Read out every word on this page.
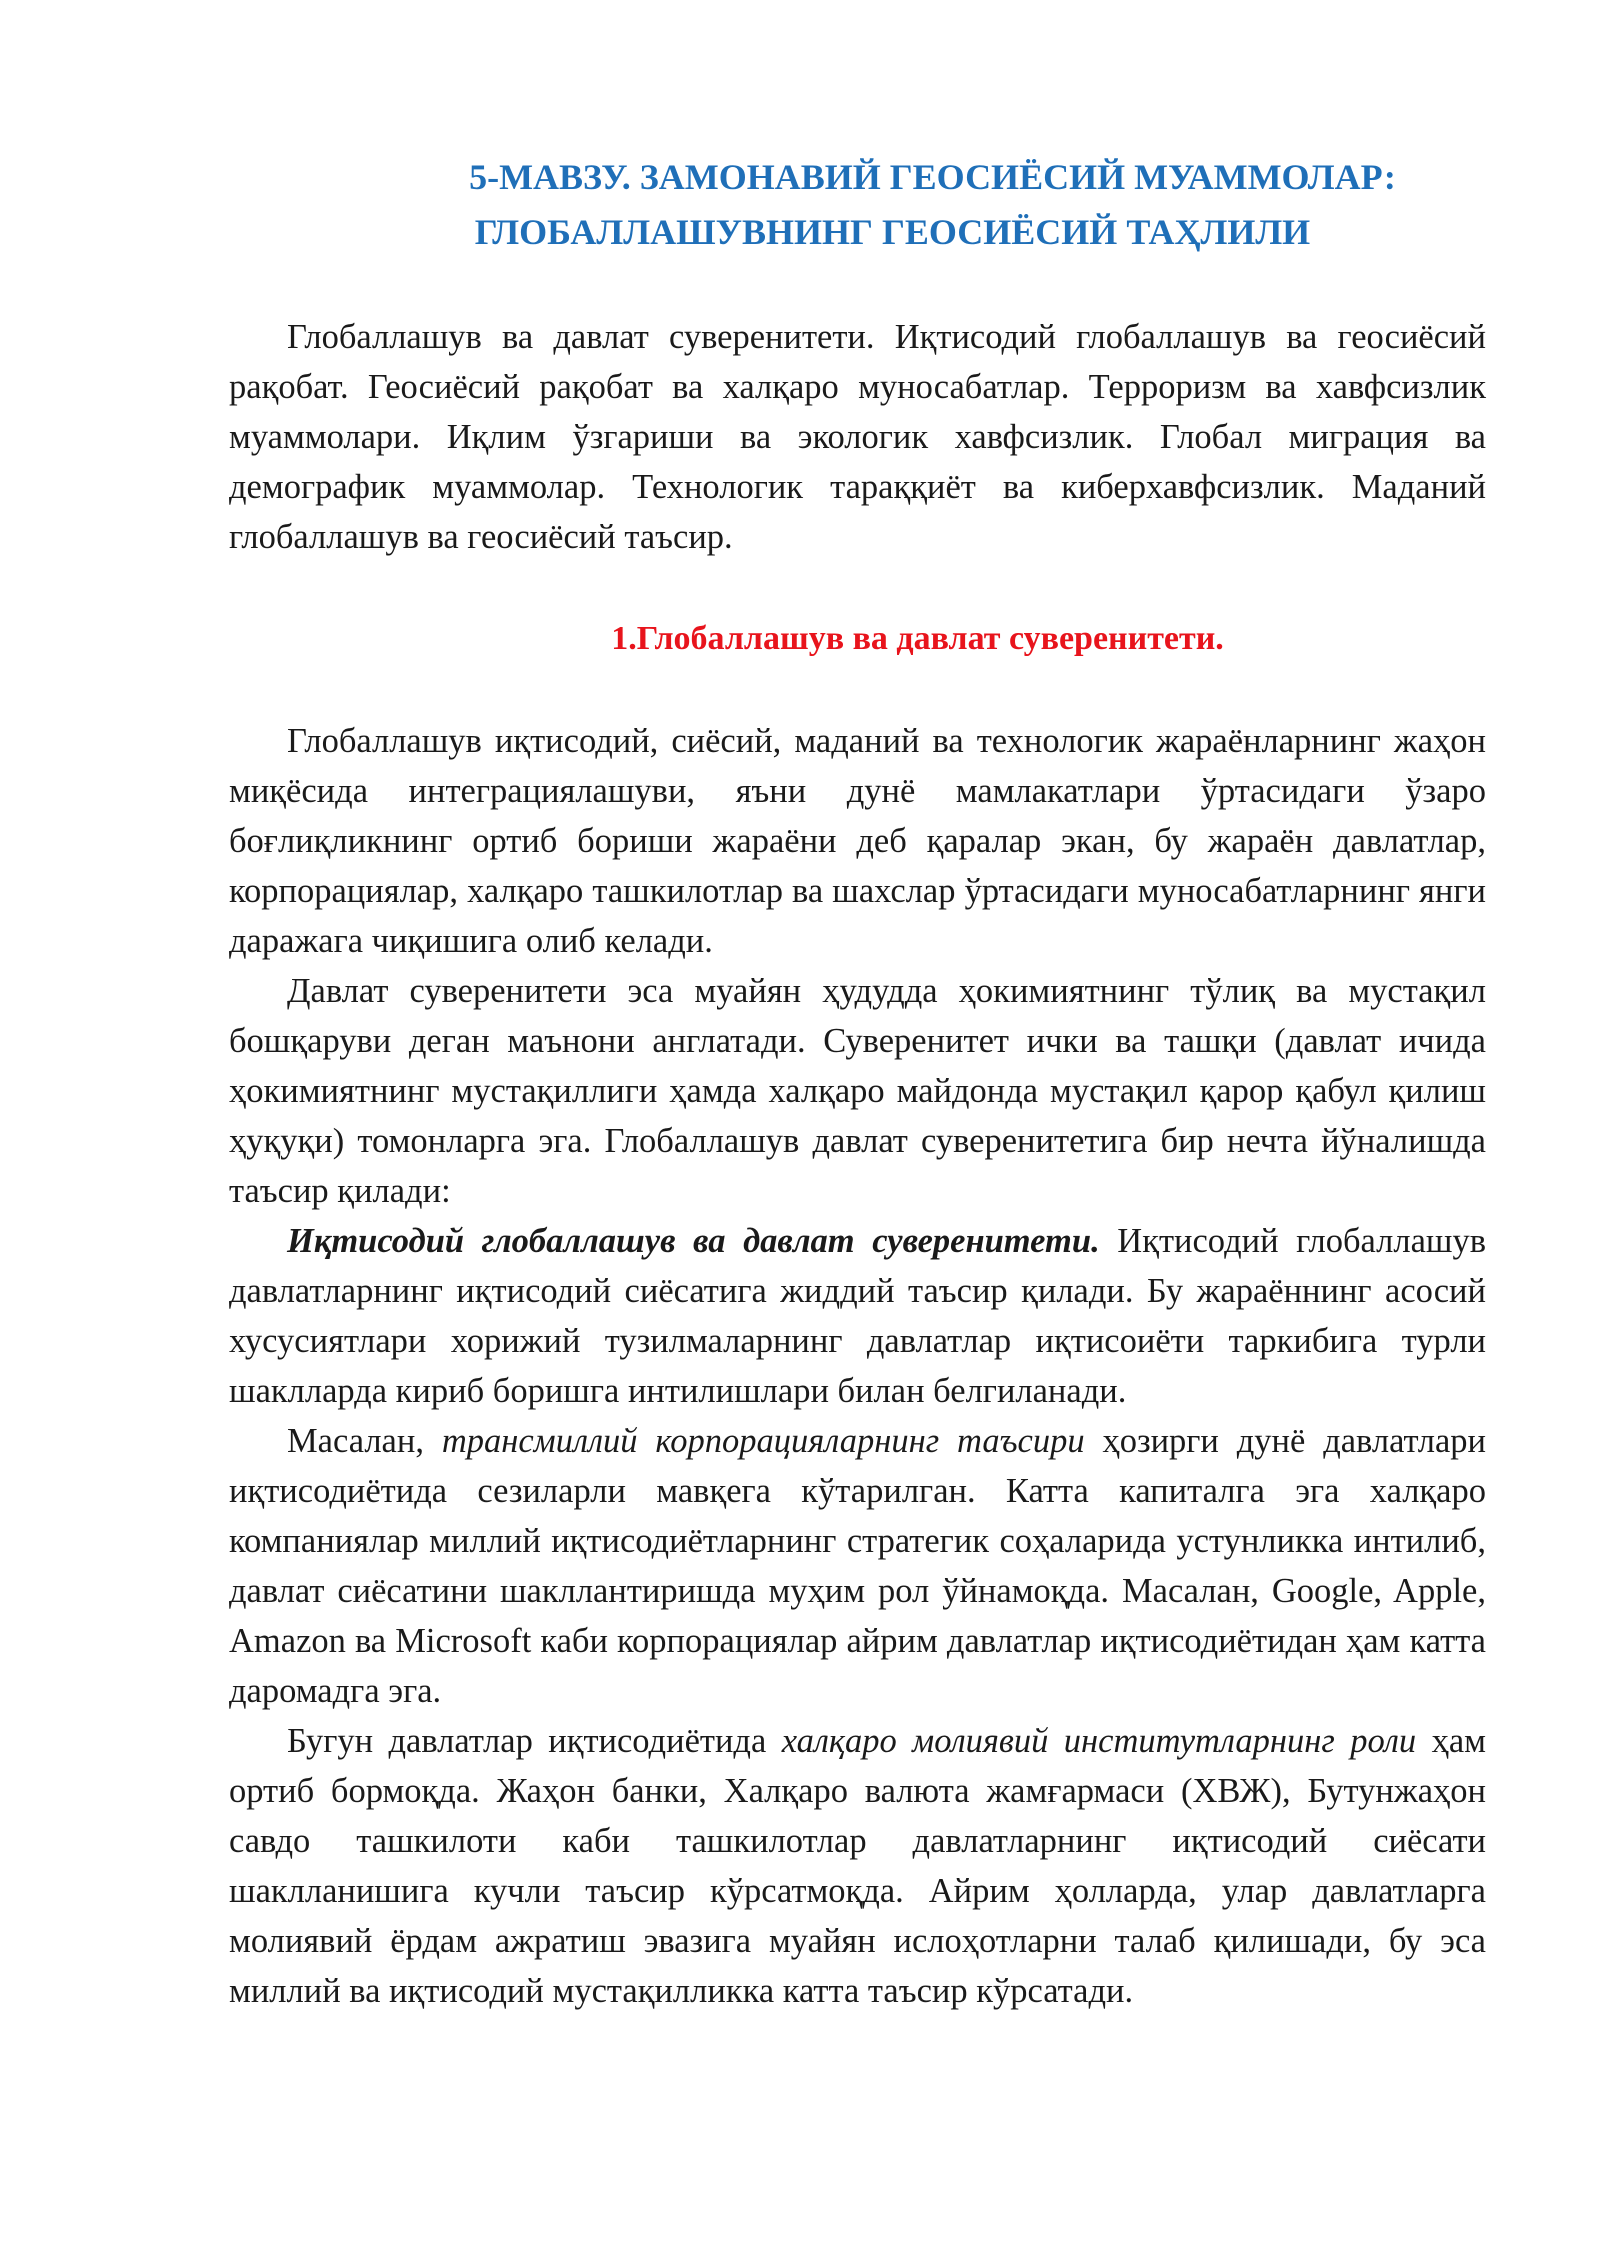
5-МАВЗУ. ЗАМОНАВИЙ ГЕОСИЁСИЙ МУАММОЛАР:
ГЛОБАЛЛАШУВНИНГ ГЕОСИЁСИЙ ТАҲЛИЛИ

Глобаллашув ва давлат суверенитети. Иқтисодий глобаллашув ва геосиёсий рақобат. Геосиёсий рақобат ва халқаро муносабатлар. Терроризм ва хавфсизлик муаммолари. Иқлим ўзгариши ва экологик хавфсизлик. Глобал миграция ва демографик муаммолар. Технологик тараққиёт ва киберхавфсизлик. Маданий глобаллашув ва геосиёсий таъсир.

1.Глобаллашув ва давлат суверенитети.

Глобаллашув иқтисодий, сиёсий, маданий ва технологик жараёнларнинг жаҳон миқёсида интеграциялашуви, яъни дунё мамлакатлари ўртасидаги ўзаро боғлиқликнинг ортиб бориши жараёни деб қаралар экан, бу жараён давлатлар, корпорациялар, халқаро ташкилотлар ва шахслар ўртасидаги муносабатларнинг янги даражага чиқишига олиб келади.

Давлат суверенитети эса муайян ҳудудда ҳокимиятнинг тўлиқ ва мустақил бошқаруви деган маънони англатади. Суверенитет ички ва ташқи (давлат ичида ҳокимиятнинг мустақиллиги ҳамда халқаро майдонда мустақил қарор қабул қилиш ҳуқуқи) томонларга эга. Глобаллашув давлат суверенитетига бир нечта йўналишда таъсир қилади:

Иқтисодий глобаллашув ва давлат суверенитети. Иқтисодий глобаллашув давлатларнинг иқтисодий сиёсатига жиддий таъсир қилади. Бу жараённинг асосий хусусиятлари хорижий тузилмаларнинг давлатлар иқтисоиёти таркибига турли шаклларда кириб боришга интилишлари билан белгиланади.

Масалан, трансмиллий корпорацияларнинг таъсири ҳозирги дунё давлатлари иқтисодиётида сезиларли мавқега кўтарилган. Катта капиталга эга халқаро компаниялар миллий иқтисодиётларнинг стратегик соҳаларида устунликка интилиб, давлат сиёсатини шакллантиришда муҳим рол ўйнамоқда. Масалан, Google, Apple, Amazon ва Microsoft каби корпорациялар айрим давлатлар иқтисодиётидан ҳам катта даромадга эга.

Бугун давлатлар иқтисодиётида халқаро молиявий институтларнинг роли ҳам ортиб бормоқда. Жаҳон банки, Халқаро валюта жамғармаси (ХВЖ), Бутунжаҳон савдо ташкилоти каби ташкилотлар давлатларнинг иқтисодий сиёсати шаклланишига кучли таъсир кўрсатмоқда. Айрим ҳолларда, улар давлатларга молиявий ёрдам ажратиш эвазига муайян ислоҳотларни талаб қилишади, бу эса миллий ва иқтисодий мустақилликка катта таъсир кўрсатади.
